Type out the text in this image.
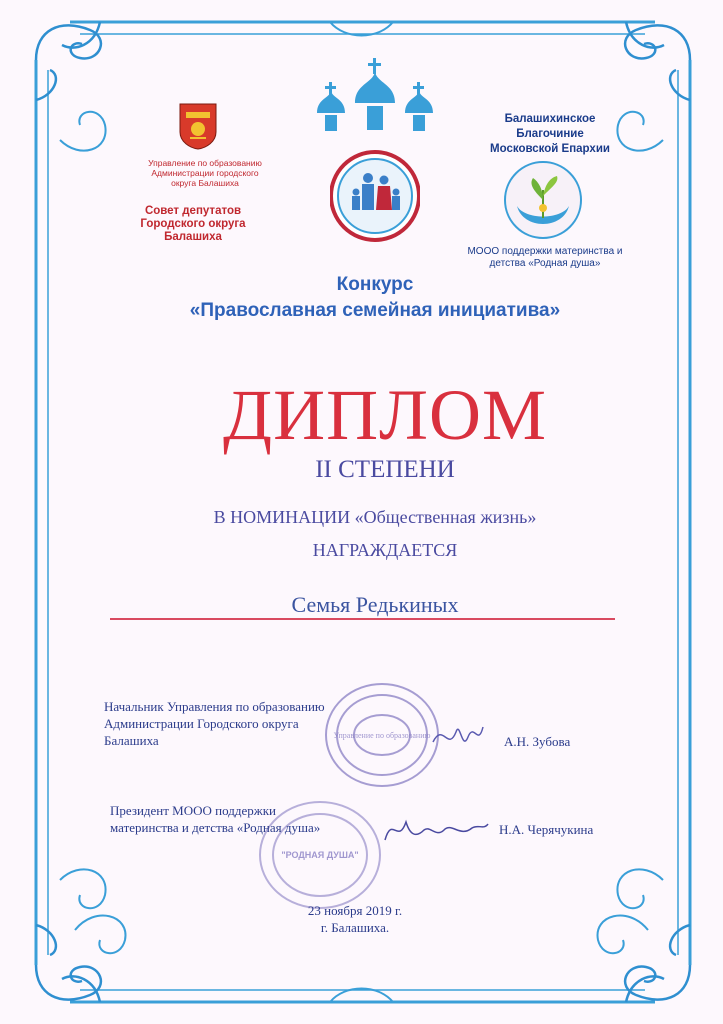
Управление по образованию Администрации городского округа Балашиха
Совет депутатов Городского округа Балашиха
Балашихинское Благочиние Московской Епархии
МООО поддержки материнства и детства «Родная душа»
Конкурс
«Православная семейная инициатива»
ДИПЛОМ
II СТЕПЕНИ
В НОМИНАЦИИ «Общественная жизнь»
НАГРАЖДАЕТСЯ
Семья Редькиных
Управление по образованию
Начальник Управления по образованию
Администрации Городского округа
Балашиха	А.Н. Зубова
"РОДНАЯ ДУША"
Президент МООО поддержки
материнства и детства «Родная душа»	Н.А. Черячукина
23 ноября 2019 г.
г. Балашиха.
